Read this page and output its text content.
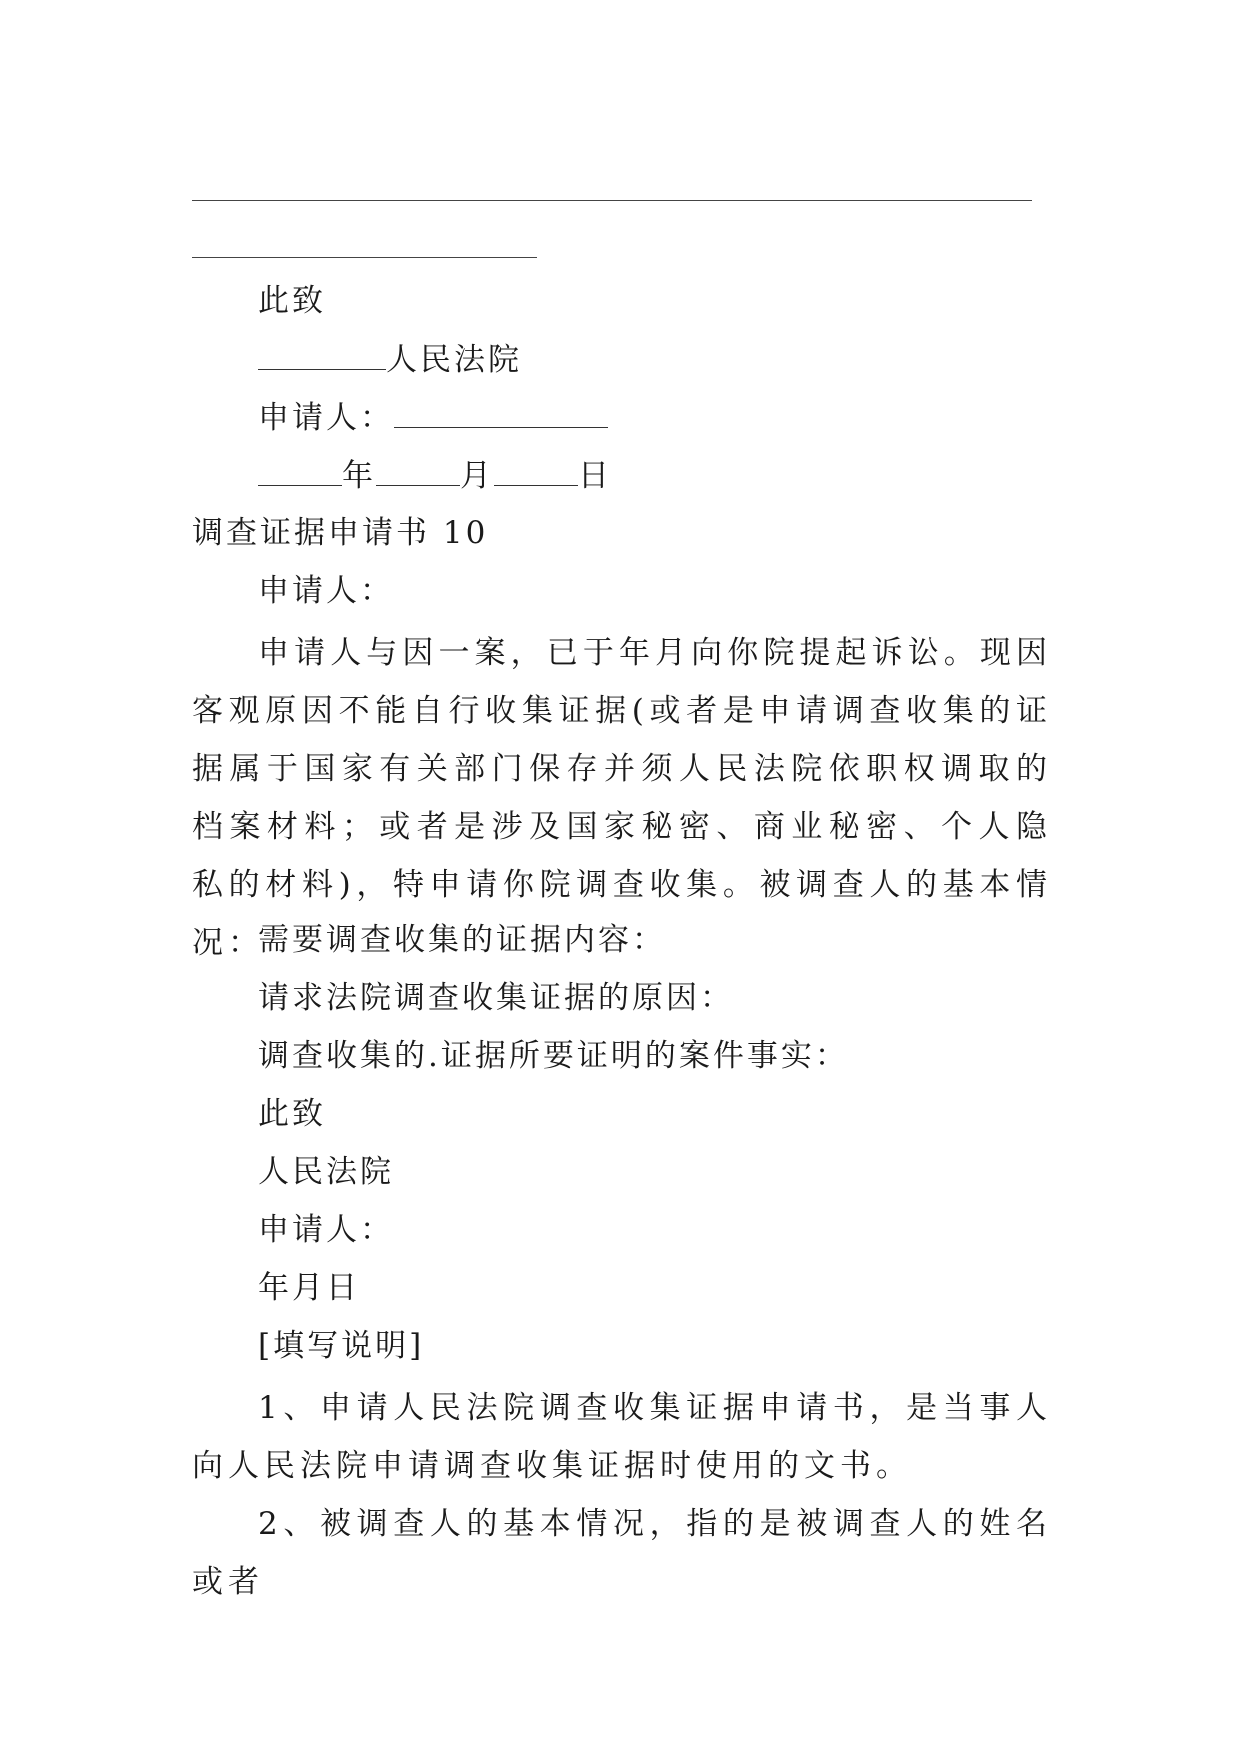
此致
人民法院
申请人：
年	月	日
调查证据申请书 10
申请人：
申请人与因一案，已于年月向你院提起诉讼。现因客观原因不能自行收集证据(或者是申请调查收集的证据属于国家有关部门保存并须人民法院依职权调取的档案材料；或者是涉及国家秘密、商业秘密、个人隐私的材料)，特申请你院调查收集。被调查人的基本情况：
需要调查收集的证据内容：
请求法院调查收集证据的原因：
调查收集的.证据所要证明的案件事实：
此致
人民法院
申请人：
年月日
[填写说明]
1、申请人民法院调查收集证据申请书，是当事人向人民法院申请调查收集证据时使用的文书。
2、被调查人的基本情况，指的是被调查人的姓名或者
